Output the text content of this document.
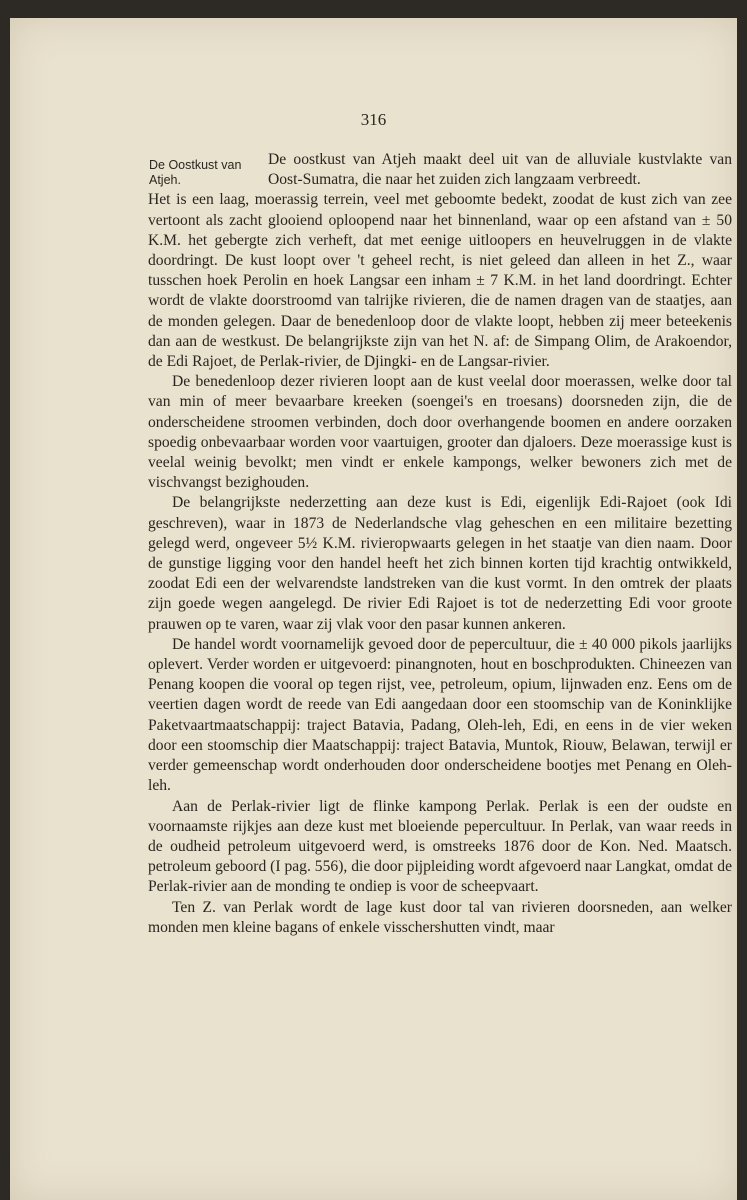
316
De Oostkust van Atjeh.

De oostkust van Atjeh maakt deel uit van de alluviale kustvlakte van Oost-Sumatra, die naar het zuiden zich langzaam verbreedt.

Het is een laag, moerassig terrein, veel met geboomte bedekt, zoodat de kust zich van zee vertoont als zacht glooiend oploopend naar het binnenland, waar op een afstand van ± 50 K.M. het gebergte zich verheft, dat met eenige uitloopers en heuvelruggen in de vlakte doordringt. De kust loopt over 't geheel recht, is niet geleed dan alleen in het Z., waar tusschen hoek Perolin en hoek Langsar een inham ± 7 K.M. in het land doordringt. Echter wordt de vlakte doorstroomd van talrijke rivieren, die de namen dragen van de staatjes, aan de monden gelegen. Daar de benedenloop door de vlakte loopt, hebben zij meer beteekenis dan aan de westkust. De belangrijkste zijn van het N. af: de Simpang Olim, de Arakoendor, de Edi Rajoet, de Perlak-rivier, de Djingki- en de Langsar-rivier.

De benedenloop dezer rivieren loopt aan de kust veelal door moerassen, welke door tal van min of meer bevaarbare kreeken (soengei's en troesans) doorsneden zijn, die de onderscheidene stroomen verbinden, doch door overhangende boomen en andere oorzaken spoedig onbevaarbaar worden voor vaartuigen, grooter dan djaloers. Deze moerassige kust is veelal weinig bevolkt; men vindt er enkele kampongs, welker bewoners zich met de vischvangst bezighouden.

De belangrijkste nederzetting aan deze kust is Edi, eigenlijk Edi-Rajoet (ook Idi geschreven), waar in 1873 de Nederlandsche vlag geheschen en een militaire bezetting gelegd werd, ongeveer 5½ K.M. rivieropwaarts gelegen in het staatje van dien naam. Door de gunstige ligging voor den handel heeft het zich binnen korten tijd krachtig ontwikkeld, zoodat Edi een der welvarendste landstreken van die kust vormt. In den omtrek der plaats zijn goede wegen aangelegd. De rivier Edi Rajoet is tot de nederzetting Edi voor groote prauwen op te varen, waar zij vlak voor den pasar kunnen ankeren.

De handel wordt voornamelijk gevoed door de pepercultuur, die ± 40 000 pikols jaarlijks oplevert. Verder worden er uitgevoerd: pinangnoten, hout en boschprodukten. Chineezen van Penang koopen die vooral op tegen rijst, vee, petroleum, opium, lijnwaden enz. Eens om de veertien dagen wordt de reede van Edi aangedaan door een stoomschip van de Koninklijke Paketvaartmaatschappij: traject Batavia, Padang, Oleh-leh, Edi, en eens in de vier weken door een stoomschip dier Maatschappij: traject Batavia, Muntok, Riouw, Belawan, terwijl er verder gemeenschap wordt onderhouden door onderscheidene bootjes met Penang en Oleh-leh.

Aan de Perlak-rivier ligt de flinke kampong Perlak. Perlak is een der oudste en voornaamste rijkjes aan deze kust met bloeiende pepercultuur. In Perlak, van waar reeds in de oudheid petroleum uitgevoerd werd, is omstreeks 1876 door de Kon. Ned. Maatsch. petroleum geboord (I pag. 556), die door pijpleiding wordt afgevoerd naar Langkat, omdat de Perlak-rivier aan de monding te ondiep is voor de scheepvaart.

Ten Z. van Perlak wordt de lage kust door tal van rivieren doorsneden, aan welker monden men kleine bagans of enkele visschershutten vindt, maar
